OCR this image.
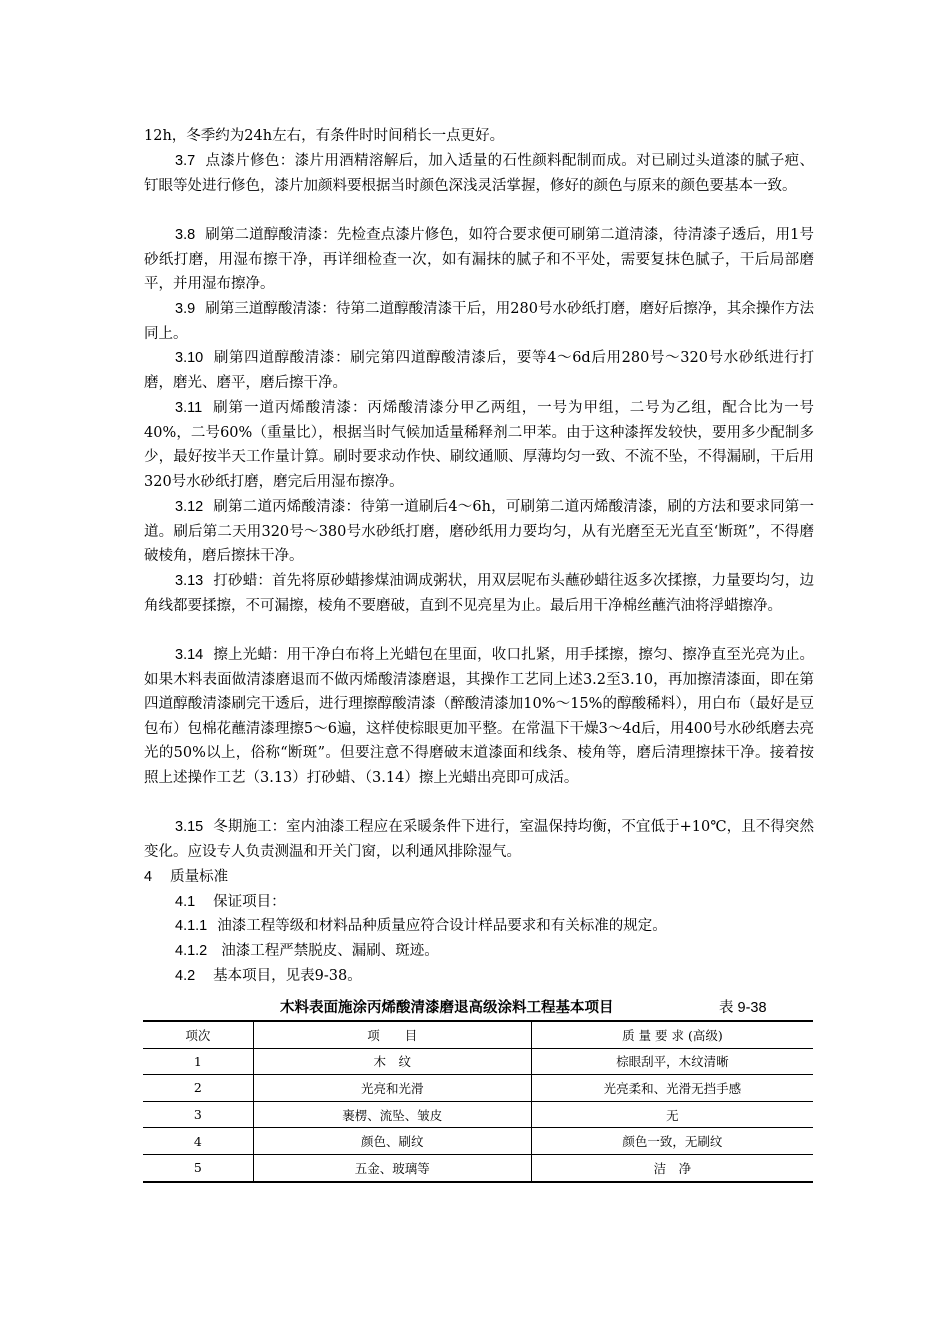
12h，冬季约为24h左右，有条件时时间稍长一点更好。

3.7 点漆片修色：漆片用酒精溶解后，加入适量的石性颜料配制而成。对已刷过头道漆的腻子疤、钉眼等处进行修色，漆片加颜料要根据当时颜色深浅灵活掌握，修好的颜色与原来的颜色要基本一致。

3.8 刷第二道醇酸清漆：先检查点漆片修色，如符合要求便可刷第二道清漆，待清漆子透后，用1号砂纸打磨，用湿布擦干净，再详细检查一次，如有漏抹的腻子和不平处，需要复抹色腻子，干后局部磨平，并用湿布擦净。

3.9 刷第三道醇酸清漆：待第二道醇酸清漆干后，用280号水砂纸打磨，磨好后擦净，其余操作方法同上。

3.10 刷第四道醇酸清漆：刷完第四道醇酸清漆后，要等4～6d后用280号～320号水砂纸进行打磨，磨光、磨平，磨后擦干净。

3.11 刷第一道丙烯酸清漆：丙烯酸清漆分甲乙两组，一号为甲组，二号为乙组，配合比为一号40%，二号60%（重量比），根据当时气候加适量稀释剂二甲苯。由于这种漆挥发较快，要用多少配制多少，最好按半天工作量计算。刷时要求动作快、刷纹通顺、厚薄均匀一致、不流不坠，不得漏刷，干后用320号水砂纸打磨，磨完后用湿布擦净。

3.12 刷第二道丙烯酸清漆：待第一道刷后4～6h，可刷第二道丙烯酸清漆，刷的方法和要求同第一道。刷后第二天用320号～380号水砂纸打磨，磨砂纸用力要均匀，从有光磨至无光直至‘断斑”，不得磨破棱角，磨后擦抹干净。

3.13 打砂蜡：首先将原砂蜡掺煤油调成粥状，用双层呢布头蘸砂蜡往返多次揉擦，力量要均匀，边角线都要揉擦，不可漏擦，棱角不要磨破，直到不见亮星为止。最后用干净棉丝蘸汽油将浮蜡擦净。

3.14 擦上光蜡：用干净白布将上光蜡包在里面，收口扎紧，用手揉擦，擦匀、擦净直至光亮为止。如果木料表面做清漆磨退而不做丙烯酸清漆磨退，其操作工艺同上述3.2至3.10，再加擦清漆面，即在第四道醇酸清漆刷完干透后，进行理擦醇酸清漆（醉酸清漆加10%～15%的醇酸稀料），用白布（最好是豆包布）包棉花蘸清漆理擦5～6遍，这样使棕眼更加平整。在常温下干燥3～4d后，用400号水砂纸磨去亮光的50%以上，俗称“断斑”。但要注意不得磨破末道漆面和线条、棱角等，磨后清理擦抹干净。接着按照上述操作工艺（3.13）打砂蜡、（3.14）擦上光蜡出亮即可成活。

3.15 冬期施工：室内油漆工程应在采暖条件下进行，室温保持均衡，不宜低于+10℃，且不得突然变化。应设专人负责测温和开关门窗，以利通风排除湿气。

4 质量标准

4.1 保证项目：

4.1.1 油漆工程等级和材料品种质量应符合设计样品要求和有关标准的规定。

4.1.2 油漆工程严禁脱皮、漏刷、斑迹。

4.2 基本项目，见表9-38。

木料表面施涂丙烯酸清漆磨退高级涂料工程基本项目	表 9-38
项次	项　　目	质 量 要 求 (高级)
1	木　纹	棕眼刮平，木纹清晰
2	光亮和光滑	光亮柔和、光滑无挡手感
3	裹楞、流坠、皱皮	无
4	颜色、刷纹	颜色一致，无刷纹
5	五金、玻璃等	洁　净
